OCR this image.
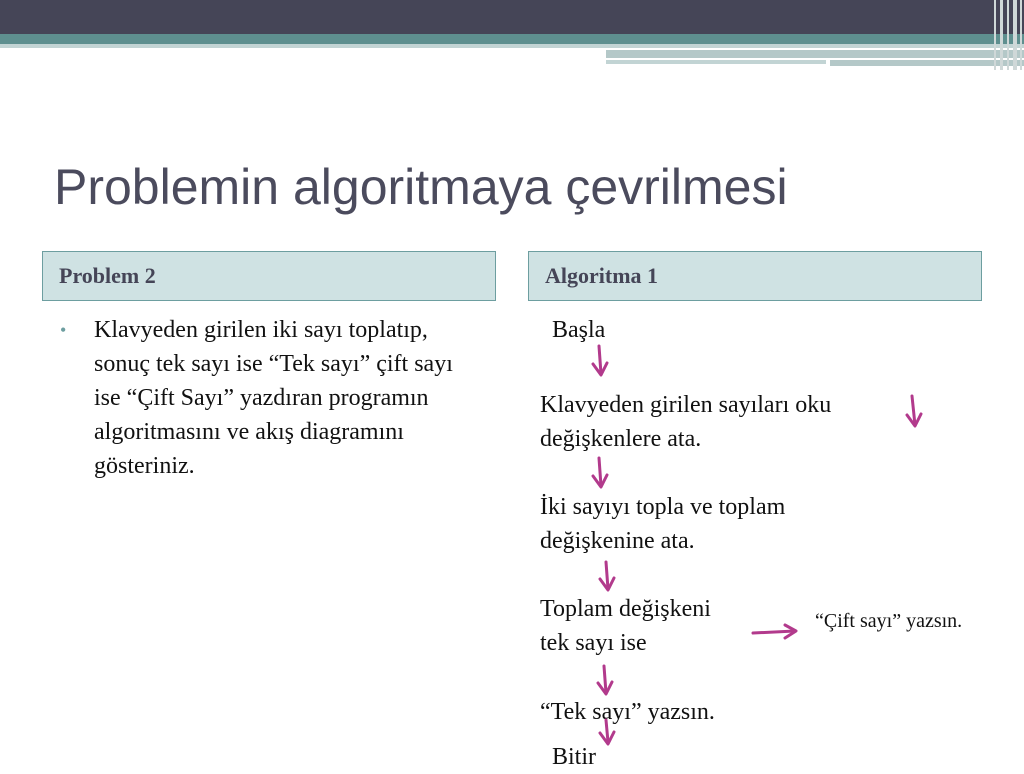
Problemin algoritmaya çevrilmesi
Problem 2	Algoritma 1
•	Klavyeden girilen iki sayı toplatıp, sonuç tek sayı ise “Tek sayı” çift sayı ise “Çift Sayı” yazdıran programın algoritmasını ve akış diagramını gösteriniz.
Başla
Klavyeden girilen sayıları oku
değişkenlere ata.
İki sayıyı topla ve toplam
değişkenine ata.
Toplam değişkeni
tek sayı ise
“Çift sayı” yazsın.
“Tek sayı” yazsın.
Bitir
